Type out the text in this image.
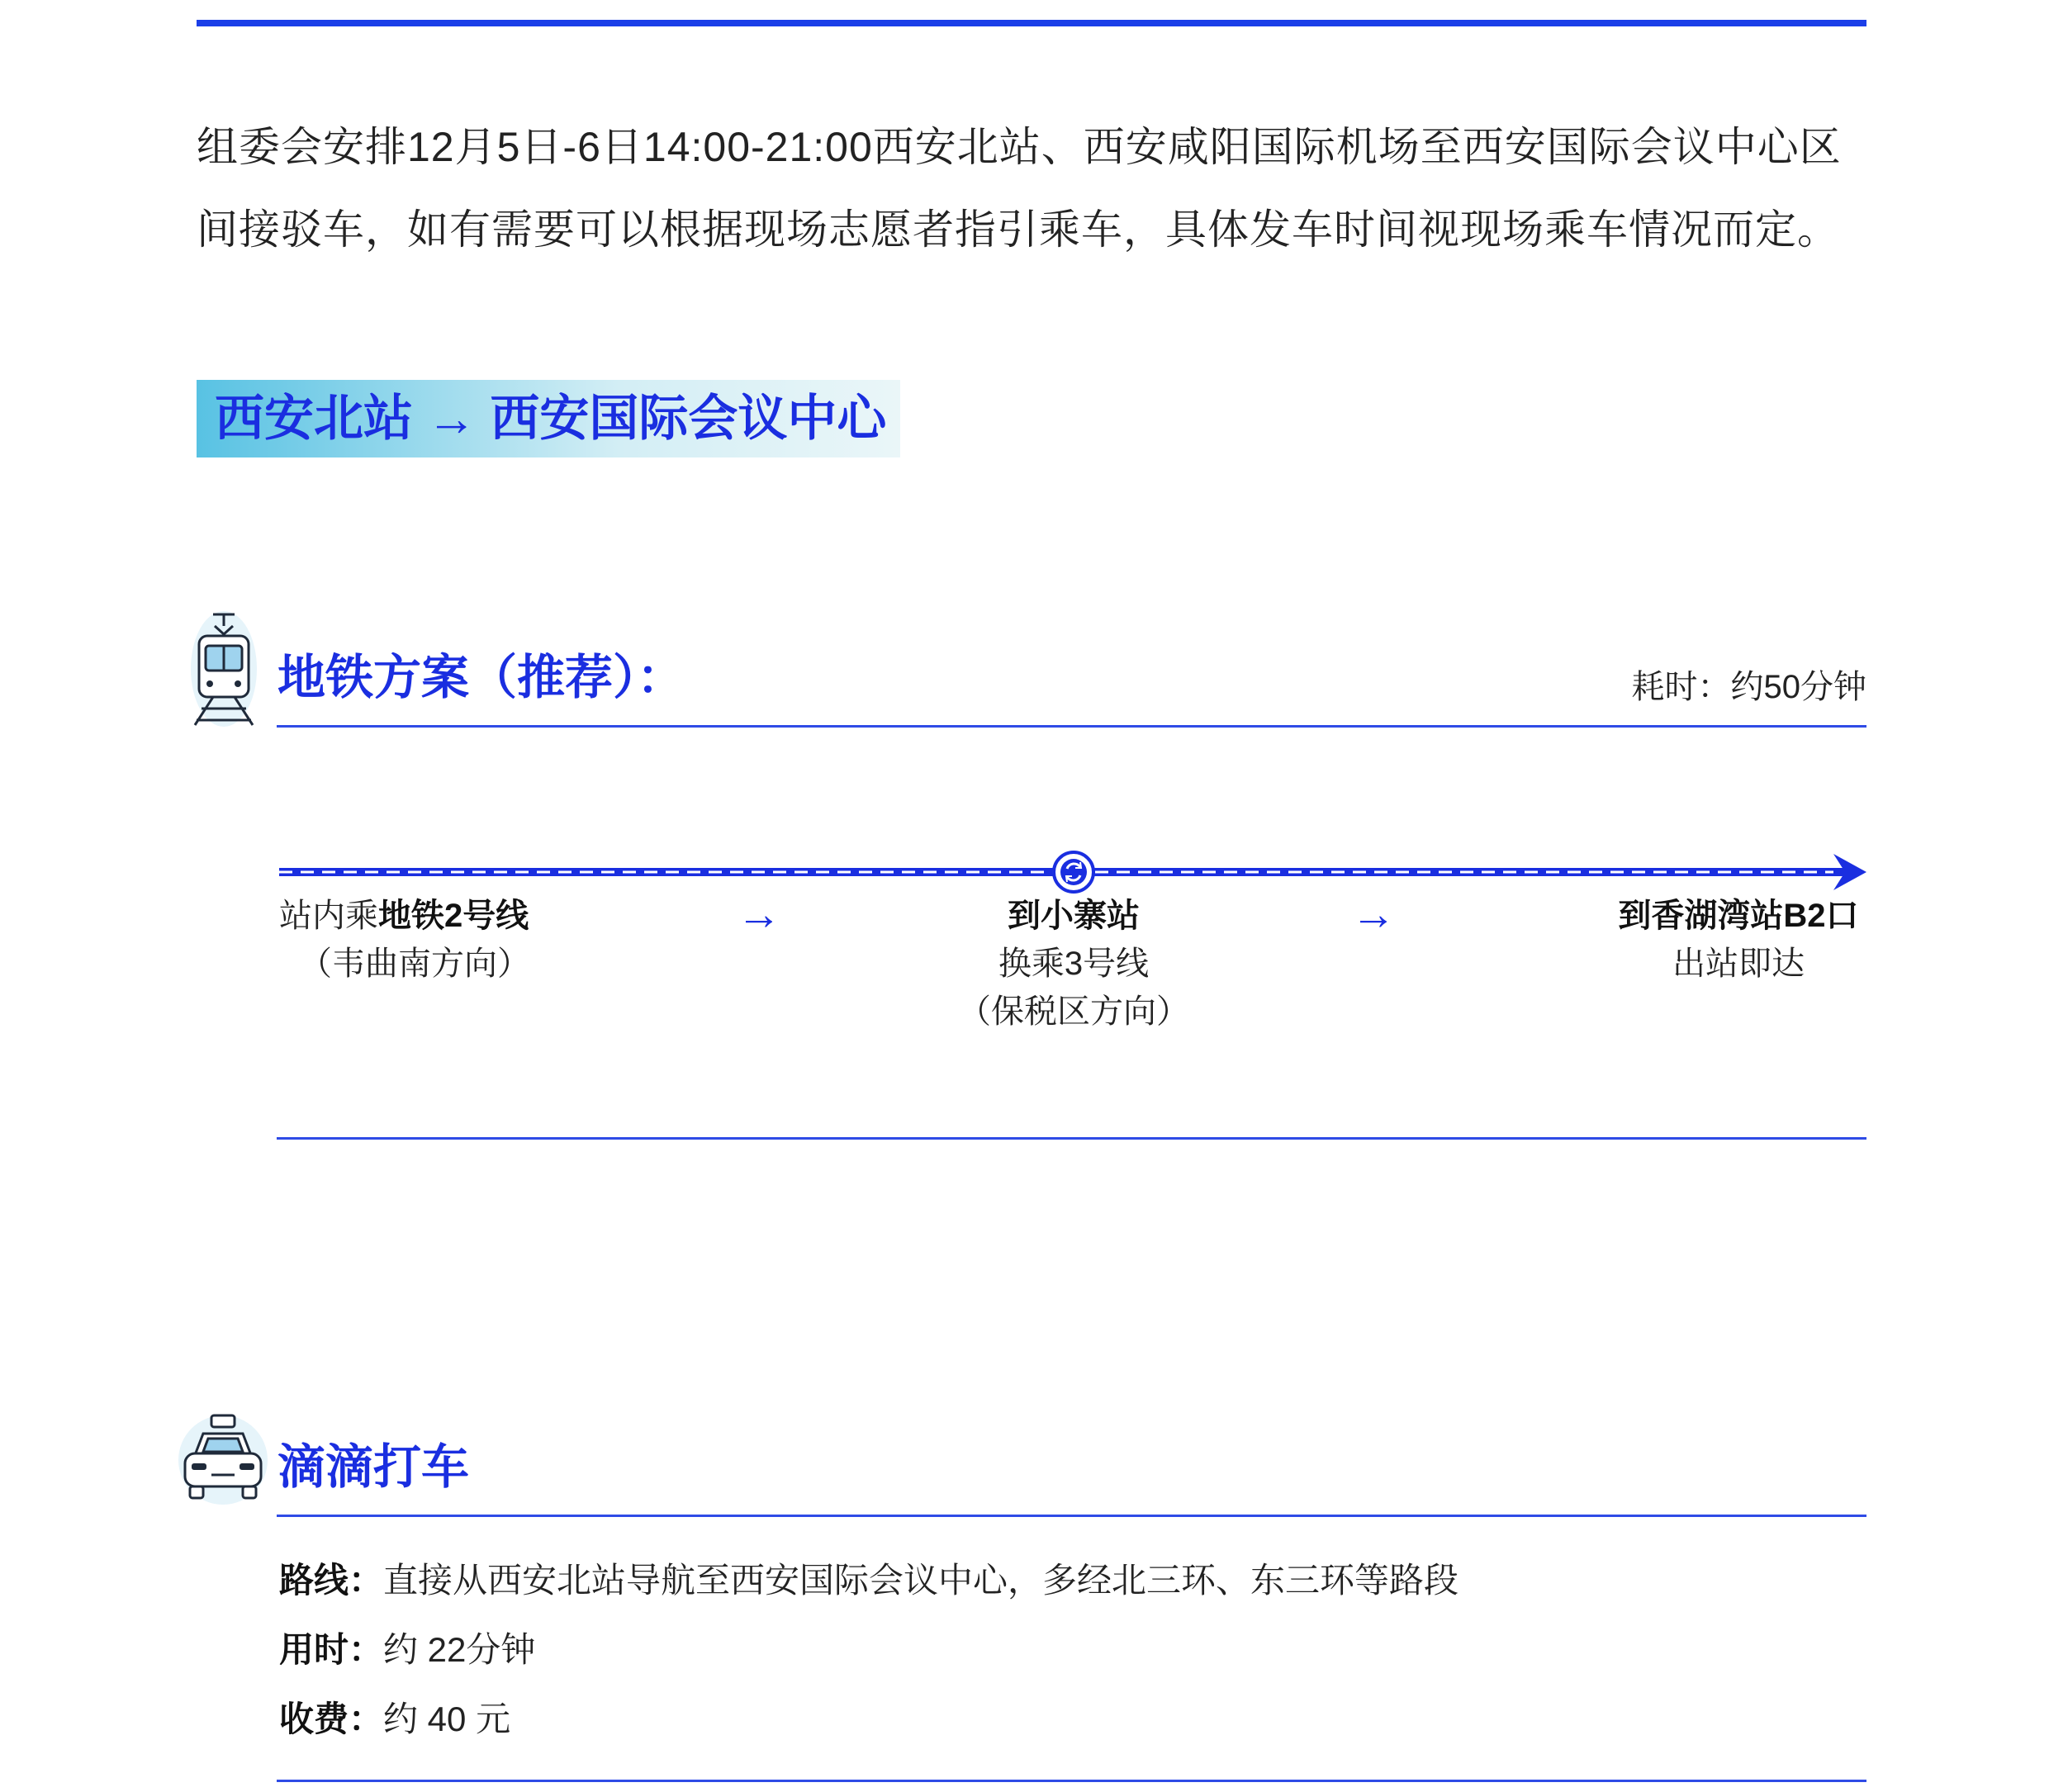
组委会安排12月5日-6日14:00-21:00西安北站、西安咸阳国际机场至西安国际会议中心区
间接驳车，如有需要可以根据现场志愿者指引乘车，具体发车时间视现场乘车情况而定。
西安北站 → 西安国际会议中心
地铁方案（推荐）：	耗时：约50分钟
站内乘地铁2号线
（韦曲南方向）
→	到小寨站
换乘3号线
（保税区方向）
→	到香湖湾站B2口
出站即达
滴滴打车
路线：直接从西安北站导航至西安国际会议中心，多经北三环、东三环等路段
用时：约 22分钟
收费：约 40 元
